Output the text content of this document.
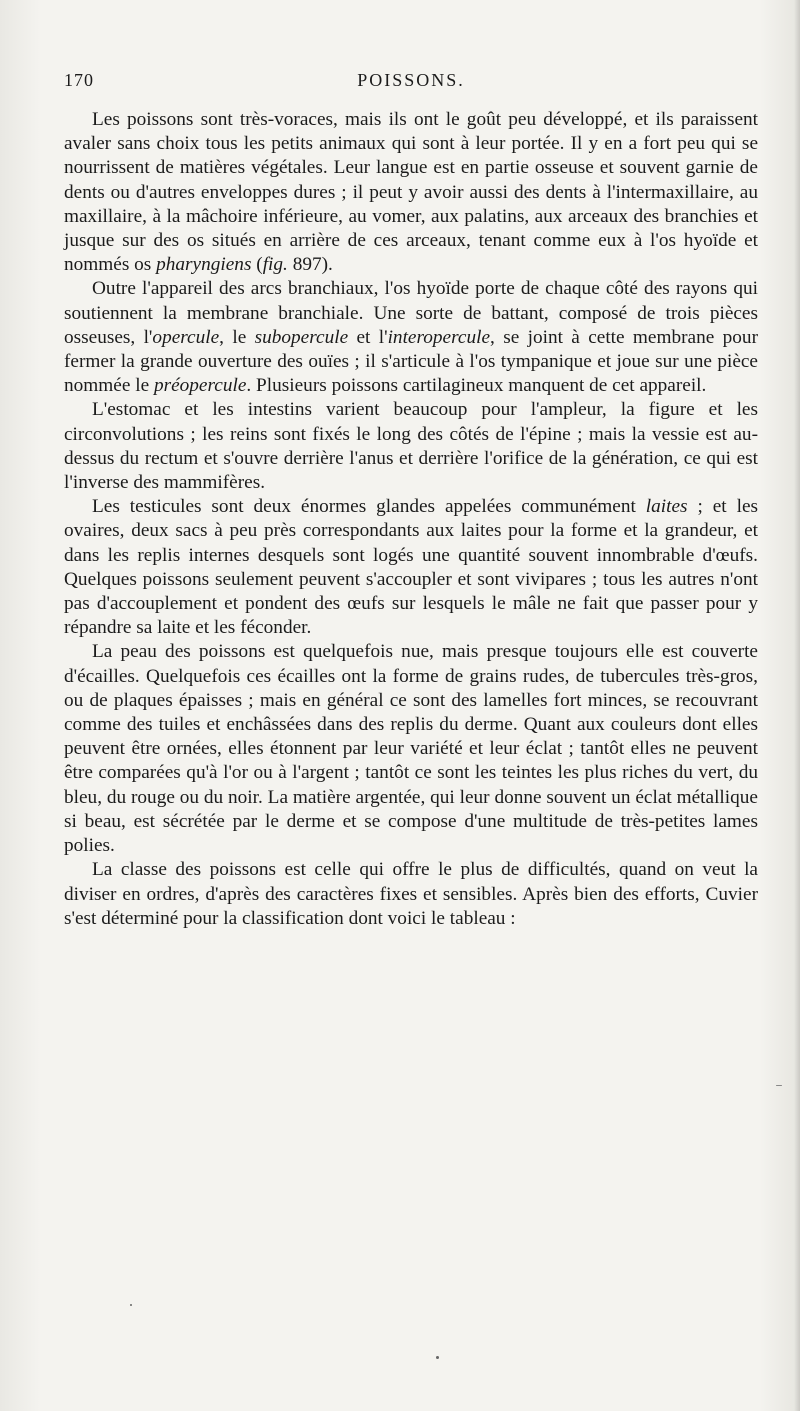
170	POISSONS.

Les poissons sont très-voraces, mais ils ont le goût peu développé, et ils paraissent avaler sans choix tous les petits animaux qui sont à leur portée. Il y en a fort peu qui se nourrissent de matières végétales. Leur langue est en partie osseuse et souvent garnie de dents ou d'autres enveloppes dures ; il peut y avoir aussi des dents à l'intermaxillaire, au maxillaire, à la mâchoire inférieure, au vomer, aux palatins, aux arceaux des branchies et jusque sur des os situés en arrière de ces arceaux, tenant comme eux à l'os hyoïde et nommés os pharyngiens (fig. 897).

Outre l'appareil des arcs branchiaux, l'os hyoïde porte de chaque côté des rayons qui soutiennent la membrane branchiale. Une sorte de battant, composé de trois pièces osseuses, l'opercule, le subopercule et l'interopercule, se joint à cette membrane pour fermer la grande ouverture des ouïes ; il s'articule à l'os tympanique et joue sur une pièce nommée le préopercule. Plusieurs poissons cartilagineux manquent de cet appareil.

L'estomac et les intestins varient beaucoup pour l'ampleur, la figure et les circonvolutions ; les reins sont fixés le long des côtés de l'épine ; mais la vessie est au-dessus du rectum et s'ouvre derrière l'anus et derrière l'orifice de la génération, ce qui est l'inverse des mammifères.

Les testicules sont deux énormes glandes appelées communément laites ; et les ovaires, deux sacs à peu près correspondants aux laites pour la forme et la grandeur, et dans les replis internes desquels sont logés une quantité souvent innombrable d'œufs. Quelques poissons seulement peuvent s'accoupler et sont vivipares ; tous les autres n'ont pas d'accouplement et pondent des œufs sur lesquels le mâle ne fait que passer pour y répandre sa laite et les féconder.

La peau des poissons est quelquefois nue, mais presque toujours elle est couverte d'écailles. Quelquefois ces écailles ont la forme de grains rudes, de tubercules très-gros, ou de plaques épaisses ; mais en général ce sont des lamelles fort minces, se recouvrant comme des tuiles et enchâssées dans des replis du derme. Quant aux couleurs dont elles peuvent être ornées, elles étonnent par leur variété et leur éclat ; tantôt elles ne peuvent être comparées qu'à l'or ou à l'argent ; tantôt ce sont les teintes les plus riches du vert, du bleu, du rouge ou du noir. La matière argentée, qui leur donne souvent un éclat métallique si beau, est sécrétée par le derme et se compose d'une multitude de très-petites lames polies.

La classe des poissons est celle qui offre le plus de difficultés, quand on veut la diviser en ordres, d'après des caractères fixes et sensibles. Après bien des efforts, Cuvier s'est déterminé pour la classification dont voici le tableau :
